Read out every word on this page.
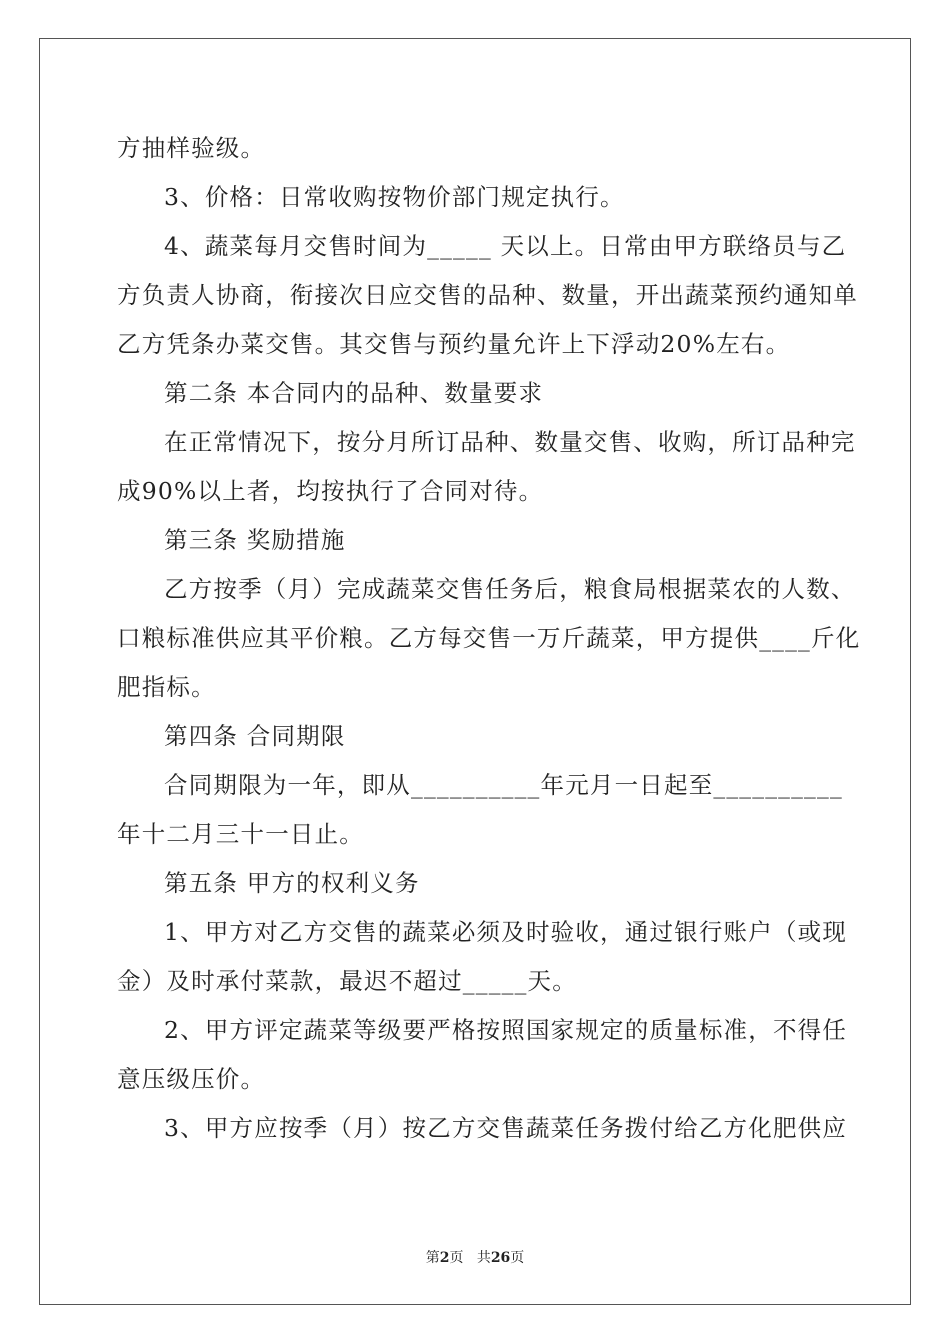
方抽样验级。
3、价格：日常收购按物价部门规定执行。
4、蔬菜每月交售时间为_____ 天以上。日常由甲方联络员与乙
方负责人协商，衔接次日应交售的品种、数量，开出蔬菜预约通知单
乙方凭条办菜交售。其交售与预约量允许上下浮动20%左右。
第二条 本合同内的品种、数量要求
在正常情况下，按分月所订品种、数量交售、收购，所订品种完
成90%以上者，均按执行了合同对待。
第三条 奖励措施
乙方按季（月）完成蔬菜交售任务后，粮食局根据菜农的人数、
口粮标准供应其平价粮。乙方每交售一万斤蔬菜，甲方提供____斤化
肥指标。
第四条 合同期限
合同期限为一年，即从__________年元月一日起至__________
年十二月三十一日止。
第五条 甲方的权利义务
1、甲方对乙方交售的蔬菜必须及时验收，通过银行账户（或现
金）及时承付菜款，最迟不超过_____天。
2、甲方评定蔬菜等级要严格按照国家规定的质量标准，不得任
意压级压价。
3、甲方应按季（月）按乙方交售蔬菜任务拨付给乙方化肥供应
第2页 共26页
